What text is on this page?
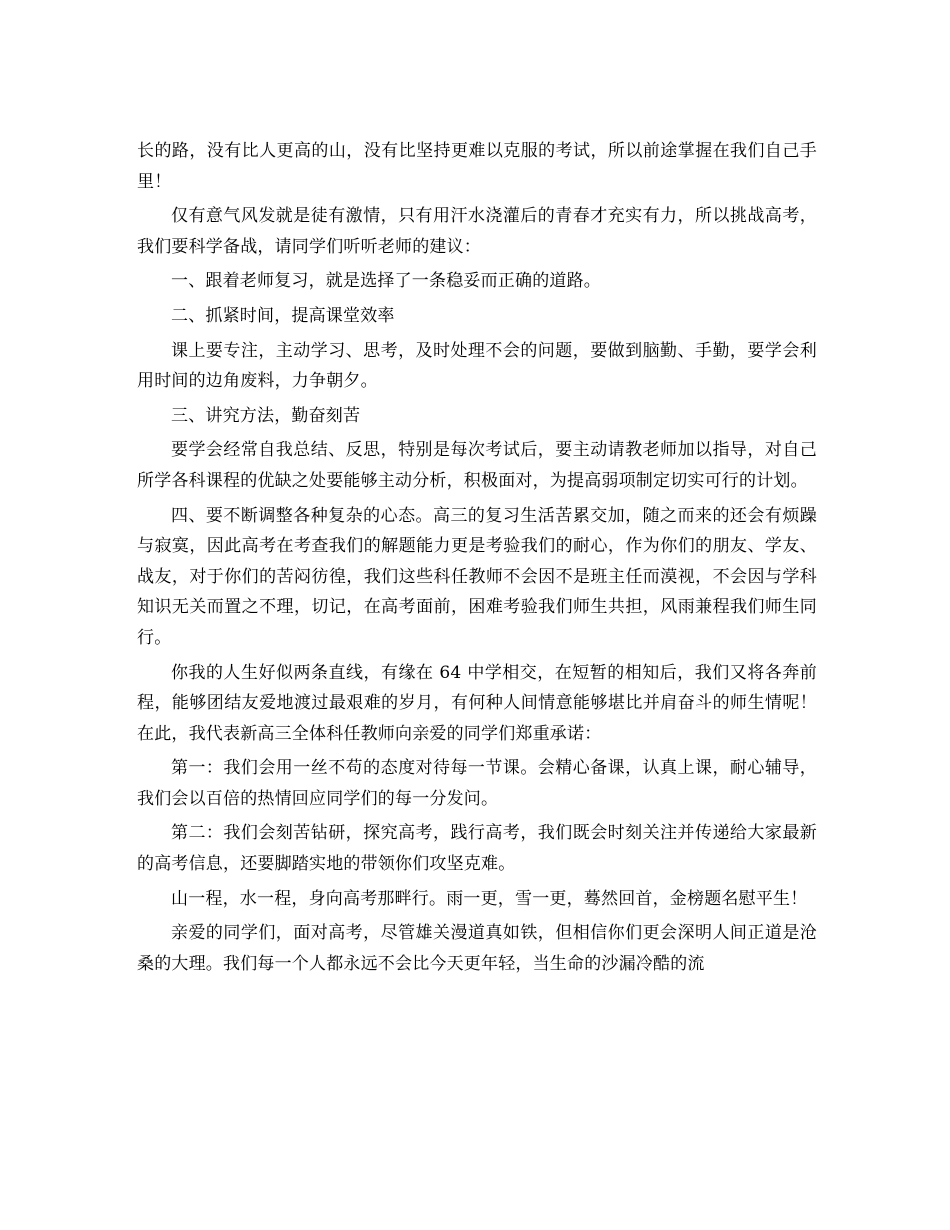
长的路，没有比人更高的山，没有比坚持更难以克服的考试，所以前途掌握在我们自己手里！

仅有意气风发就是徒有激情，只有用汗水浇灌后的青春才充实有力，所以挑战高考，我们要科学备战，请同学们听听老师的建议：

一、跟着老师复习，就是选择了一条稳妥而正确的道路。

二、抓紧时间，提高课堂效率

课上要专注，主动学习、思考，及时处理不会的问题，要做到脑勤、手勤，要学会利用时间的边角废料，力争朝夕。

三、讲究方法，勤奋刻苦

要学会经常自我总结、反思，特别是每次考试后，要主动请教老师加以指导，对自己所学各科课程的优缺之处要能够主动分析，积极面对，为提高弱项制定切实可行的计划。

四、要不断调整各种复杂的心态。高三的复习生活苦累交加，随之而来的还会有烦躁与寂寞，因此高考在考查我们的解题能力更是考验我们的耐心，作为你们的朋友、学友、战友，对于你们的苦闷彷徨，我们这些科任教师不会因不是班主任而漠视，不会因与学科知识无关而置之不理，切记，在高考面前，困难考验我们师生共担，风雨兼程我们师生同行。

你我的人生好似两条直线，有缘在 64 中学相交，在短暂的相知后，我们又将各奔前程，能够团结友爱地渡过最艰难的岁月，有何种人间情意能够堪比并肩奋斗的师生情呢！在此，我代表新高三全体科任教师向亲爱的同学们郑重承诺：

第一：我们会用一丝不苟的态度对待每一节课。会精心备课，认真上课，耐心辅导，我们会以百倍的热情回应同学们的每一分发问。

第二：我们会刻苦钻研，探究高考，践行高考，我们既会时刻关注并传递给大家最新的高考信息，还要脚踏实地的带领你们攻坚克难。

山一程，水一程，身向高考那畔行。雨一更，雪一更，蓦然回首，金榜题名慰平生！

亲爱的同学们，面对高考，尽管雄关漫道真如铁，但相信你们更会深明人间正道是沧桑的大理。我们每一个人都永远不会比今天更年轻，当生命的沙漏冷酷的流
